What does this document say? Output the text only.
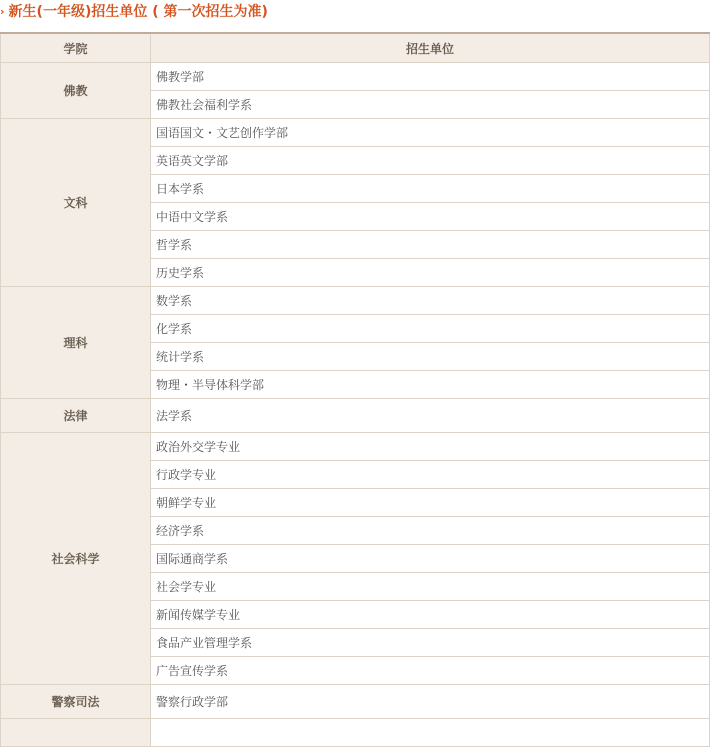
› 新生(一年级)招生单位 ( 第一次招生为准)
学院	招生单位
佛教	佛教学部
	佛教社会福利学系
文科	国语国文・文艺创作学部
	英语英文学部
	日本学系
	中语中文学系
	哲学系
	历史学系
理科	数学系
	化学系
	统计学系
	物理・半导体科学部
法律	法学系
社会科学	政治外交学专业
	行政学专业
	朝鲜学专业
	经济学系
	国际通商学系
	社会学专业
	新闻传媒学专业
	食品产业管理学系
	广告宣传学系
警察司法	警察行政学部
